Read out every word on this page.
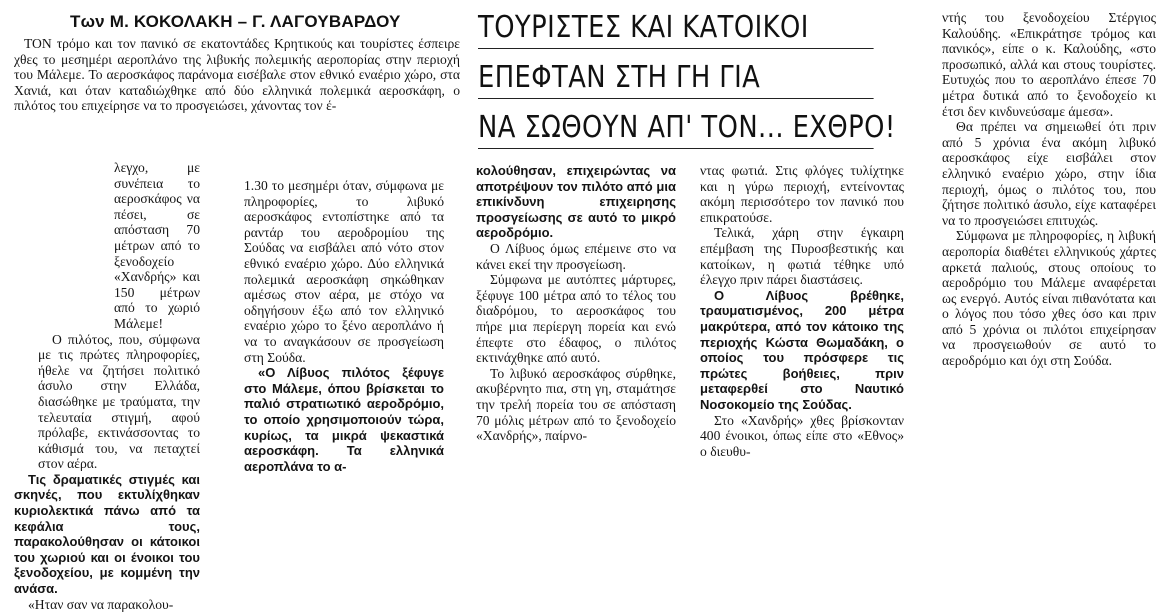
Των Μ. ΚΟΚΟΛΑΚΗ – Γ. ΛΑΓΟΥΒΑΡΔΟΥ	ΤΟΥΡΙΣΤΕΣ ΚΑΙ ΚΑΤΟΙΚΟΙ
ΕΠΕΦΤΑΝ ΣΤΗ ΓΗ ΓΙΑ
ΝΑ ΣΩΘΟΥΝ ΑΠ' ΤΟΝ... ΕΧΘΡΟ!

ΤΟΝ τρόμο και τον πανικό σε εκατοντάδες Κρητικούς και τουρίστες έσπειρε χθες το μεσημέρι αεροπλάνο της λιβυκής πολεμικής αεροπορίας στην περιοχή του Μάλεμε. Το αεροσκάφος παράνομα εισέβαλε στον εθνικό εναέριο χώρο, στα Χανιά, και όταν καταδιώχθηκε από δύο ελληνικά πολεμικά αεροσκάφη, ο πιλότος του επιχείρησε να το προσγειώσει, χάνοντας τον έ-

λεγχο, με συνέπεια το αεροσκάφος να πέσει, σε απόσταση 70 μέτρων από το ξενοδοχείο «Χανδρής» και 150 μέτρων από το χωριό Μάλεμε!

Ο πιλότος, που, σύμφωνα με τις πρώτες πληροφορίες, ήθελε να ζητήσει πολιτικό άσυλο στην Ελλάδα, διασώθηκε με τραύματα, την τελευταία στιγμή, αφού πρόλαβε, εκτινάσσοντας το κάθισμά του, να πεταχτεί στον αέρα.

Τις δραματικές στιγμές και σκηνές, που εκτυλίχθηκαν κυριολεκτικά πάνω από τα κεφάλια τους, παρακολούθησαν οι κάτοικοι του χωριού και οι ένοικοι του ξενοδοχείου, με κομμένη την ανάσα.

«Ηταν σαν να παρακολου-

1.30 το μεσημέρι όταν, σύμφωνα με πληροφορίες, το λιβυκό αεροσκάφος εντοπίστηκε από τα ραντάρ του αεροδρομίου της Σούδας να εισβάλει από νότο στον εθνικό εναέριο χώρο. Δύο ελληνικά πολεμικά αεροσκάφη σηκώθηκαν αμέσως στον αέρα, με στόχο να οδηγήσουν έξω από τον ελληνικό εναέριο χώρο το ξένο αεροπλάνο ή να το αναγκάσουν σε προσγείωση στη Σούδα.

«Ο Λίβυος πιλότος ξέφυγε στο Μάλεμε, όπου βρίσκεται το παλιό στρατιωτικό αεροδρόμιο, το οποίο χρησιμοποιούν τώρα, κυρίως, τα μικρά ψεκαστικά αεροσκάφη. Τα ελληνικά αεροπλάνα το α-

κολούθησαν, επιχειρώντας να αποτρέψουν τον πιλότο από μια επικίνδυνη επιχειρησης προσγείωσης σε αυτό το μικρό αεροδρόμιο.

Ο Λίβυος όμως επέμεινε στο να κάνει εκεί την προσγείωση.

Σύμφωνα με αυτόπτες μάρτυρες, ξέφυγε 100 μέτρα από το τέλος του διαδρόμου, το αεροσκάφος του πήρε μια περίεργη πορεία και ενώ έπεφτε στο έδαφος, ο πιλότος εκτινάχθηκε από αυτό.

Το λιβυκό αεροσκάφος σύρθηκε, ακυβέρνητο πια, στη γη, σταμάτησε την τρελή πορεία του σε απόσταση 70 μόλις μέτρων από το ξενοδοχείο «Χανδρής», παίρνο-

ντας φωτιά. Στις φλόγες τυλίχτηκε και η γύρω περιοχή, εντείνοντας ακόμη περισσότερο τον πανικό που επικρατούσε.

Τελικά, χάρη στην έγκαιρη επέμβαση της Πυροσβεστικής και κατοίκων, η φωτιά τέθηκε υπό έλεγχο πριν πάρει διαστάσεις.

Ο Λίβυος βρέθηκε, τραυματισμένος, 200 μέτρα μακρύτερα, από τον κάτοικο της περιοχής Κώστα Θωμαδάκη, ο οποίος του πρόσφερε τις πρώτες βοήθειες, πριν μεταφερθεί στο Ναυτικό Νοσοκομείο της Σούδας.

Στο «Χανδρής» χθες βρίσκονταν 400 ένοικοι, όπως είπε στο «Εθνος» ο διευθυ-

ντής του ξενοδοχείου Στέργιος Καλούδης. «Επικράτησε τρόμος και πανικός», είπε ο κ. Καλούδης, «στο προσωπικό, αλλά και στους τουρίστες. Ευτυχώς που το αεροπλάνο έπεσε 70 μέτρα δυτικά από το ξενοδοχείο κι έτσι δεν κινδυνεύσαμε άμεσα».

Θα πρέπει να σημειωθεί ότι πριν από 5 χρόνια ένα ακόμη λιβυκό αεροσκάφος είχε εισβάλει στον ελληνικό εναέριο χώρο, στην ίδια περιοχή, όμως ο πιλότος του, που ζήτησε πολιτικό άσυλο, είχε καταφέρει να το προσγειώσει επιτυχώς.

Σύμφωνα με πληροφορίες, η λιβυκή αεροπορία διαθέτει ελληνικούς χάρτες αρκετά παλιούς, στους οποίους το αεροδρόμιο του Μάλεμε αναφέρεται ως ενεργό. Αυτός είναι πιθανότατα και ο λόγος που τόσο χθες όσο και πριν από 5 χρόνια οι πιλότοι επιχείρησαν να προσγειωθούν σε αυτό το αεροδρόμιο και όχι στη Σούδα.
